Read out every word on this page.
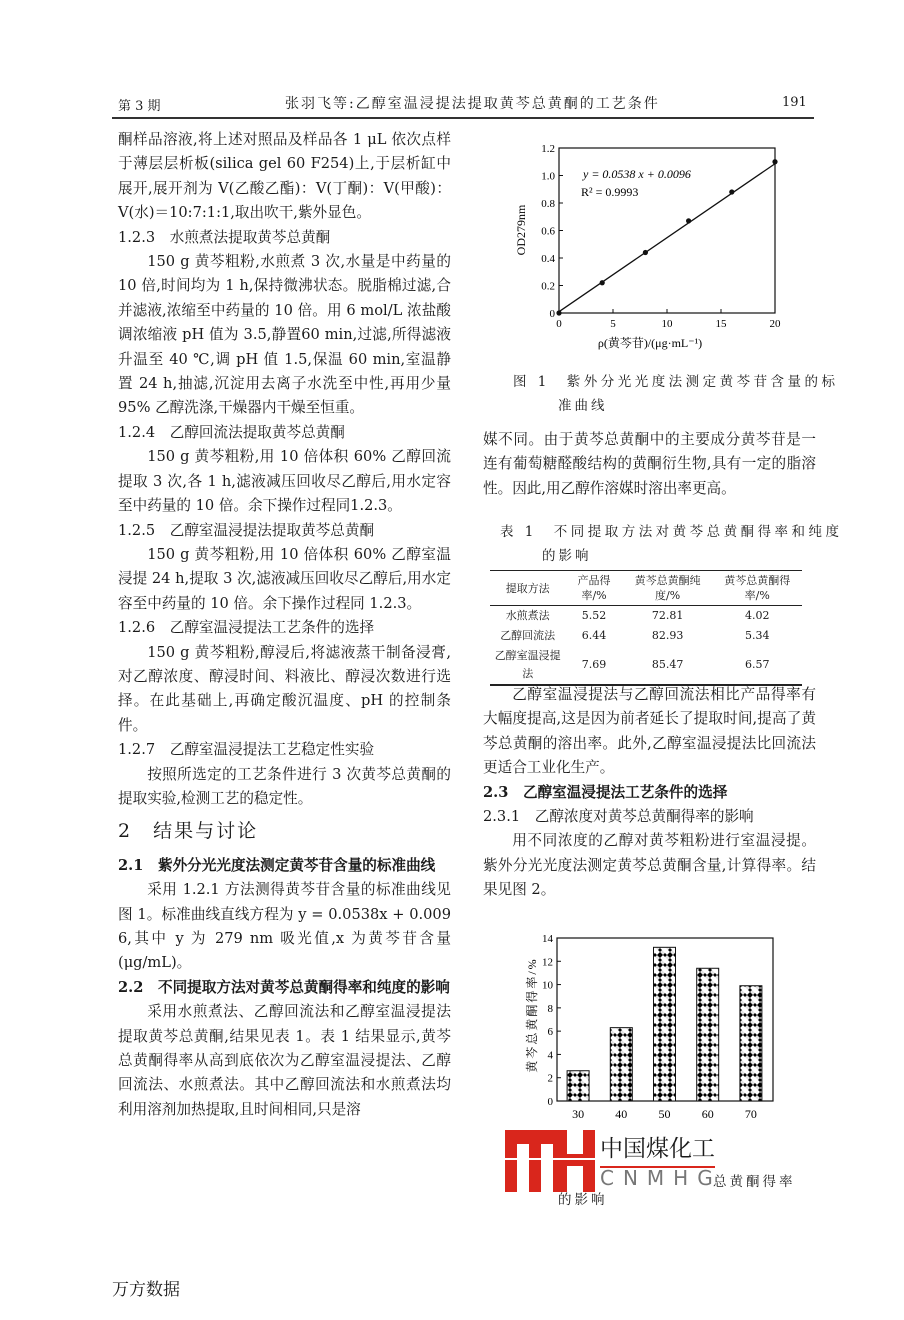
第 3 期	张羽飞等:乙醇室温浸提法提取黄芩总黄酮的工艺条件	191

酮样品溶液,将上述对照品及样品各 1 μL 依次点样于薄层层析板(silica gel 60 F254)上,于层析缸中展开,展开剂为 V(乙酸乙酯)：V(丁酮)：V(甲酸)：V(水)＝10:7:1:1,取出吹干,紫外显色。

1.2.3　水煎煮法提取黄芩总黄酮

150 g 黄芩粗粉,水煎煮 3 次,水量是中药量的 10 倍,时间均为 1 h,保持微沸状态。脱脂棉过滤,合并滤液,浓缩至中药量的 10 倍。用 6 mol/L 浓盐酸调浓缩液 pH 值为 3.5,静置60 min,过滤,所得滤液升温至 40 ℃,调 pH 值 1.5,保温 60 min,室温静置 24 h,抽滤,沉淀用去离子水洗至中性,再用少量 95% 乙醇洗涤,干燥器内干燥至恒重。

1.2.4　乙醇回流法提取黄芩总黄酮

150 g 黄芩粗粉,用 10 倍体积 60% 乙醇回流提取 3 次,各 1 h,滤液减压回收尽乙醇后,用水定容至中药量的 10 倍。余下操作过程同1.2.3。

1.2.5　乙醇室温浸提法提取黄芩总黄酮

150 g 黄芩粗粉,用 10 倍体积 60% 乙醇室温浸提 24 h,提取 3 次,滤液减压回收尽乙醇后,用水定容至中药量的 10 倍。余下操作过程同 1.2.3。

1.2.6　乙醇室温浸提法工艺条件的选择

150 g 黄芩粗粉,醇浸后,将滤液蒸干制备浸膏,对乙醇浓度、醇浸时间、料液比、醇浸次数进行选择。在此基础上,再确定酸沉温度、pH 的控制条件。

1.2.7　乙醇室温浸提法工艺稳定性实验

按照所选定的工艺条件进行 3 次黄芩总黄酮的提取实验,检测工艺的稳定性。

2　结果与讨论
2.1　紫外分光光度法测定黄芩苷含量的标准曲线

采用 1.2.1 方法测得黄芩苷含量的标准曲线见图 1。标准曲线直线方程为 y = 0.0538x + 0.009 6,其中 y 为 279 nm 吸光值,x 为黄芩苷含量(μg/mL)。

2.2　不同提取方法对黄芩总黄酮得率和纯度的影响

采用水煎煮法、乙醇回流法和乙醇室温浸提法提取黄芩总黄酮,结果见表 1。表 1 结果显示,黄芩总黄酮得率从高到底依次为乙醇室温浸提法、乙醇回流法、水煎煮法。其中乙醇回流法和水煎煮法均利用溶剂加热提取,且时间相同,只是溶

0
0.2
0.4
0.6
0.8
1.0
1.2
0	5	10	15	20
y = 0.0538 x + 0.0096
R² = 0.9993
ρ(黄芩苷)/(μg·mL⁻¹)
OD279nm
图 1　紫外分光光度法测定黄芩苷含量的标准曲线

媒不同。由于黄芩总黄酮中的主要成分黄芩苷是一连有葡萄糖醛酸结构的黄酮衍生物,具有一定的脂溶性。因此,用乙醇作溶媒时溶出率更高。

表 1　不同提取方法对黄芩总黄酮得率和纯度的影响
提取方法	产品得率/%	黄芩总黄酮纯度/%	黄芩总黄酮得率/%
水煎煮法	5.52	72.81	4.02
乙醇回流法	6.44	82.93	5.34
乙醇室温浸提法	7.69	85.47	6.57

乙醇室温浸提法与乙醇回流法相比产品得率有大幅度提高,这是因为前者延长了提取时间,提高了黄芩总黄酮的溶出率。此外,乙醇室温浸提法比回流法更适合工业化生产。

2.3　乙醇室温浸提法工艺条件的选择
2.3.1　乙醇浓度对黄芩总黄酮得率的影响

用不同浓度的乙醇对黄芩粗粉进行室温浸提。紫外分光光度法测定黄芩总黄酮含量,计算得率。结果见图 2。

0
2
4
6
8
10
12
14
30	40	50	60	70
黄芩总黄酮得率/%
中国煤化工
CNMHG
总黄酮得率
的影响
万方数据
